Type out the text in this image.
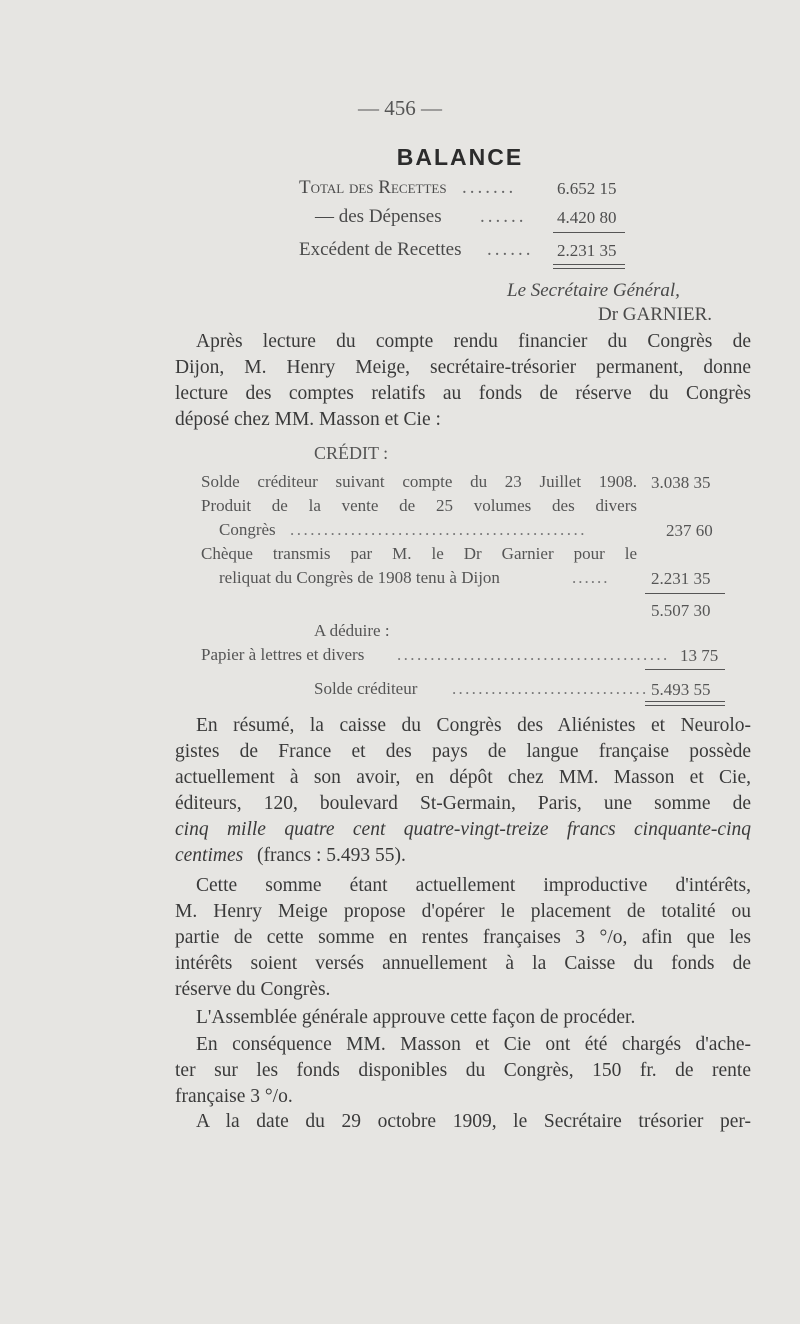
— 456 —
BALANCE
Total des Recettes ....... 6.652 15
— des Dépenses ...... 4.420 80
Excédent de Recettes ...... 2.231 35
Le Secrétaire Général,
Dr GARNIER.
Après lecture du compte rendu financier du Congrès de
Dijon, M. Henry Meige, secrétaire-trésorier permanent, donne
lecture des comptes relatifs au fonds de réserve du Congrès
déposé chez MM. Masson et Cie :
CRÉDIT :
Solde créditeur suivant compte du 23 Juillet 1908. 3.038 35
Produit de la vente de 25 volumes des divers
Congrès ............................................	237 60
Chèque transmis par M. le Dr Garnier pour le
reliquat du Congrès de 1908 tenu à Dijon	...... 2.231 35
5.507 30
A déduire :
Papier à lettres et divers ......................................... 13 75
Solde créditeur .............................. 5.493 55
En résumé, la caisse du Congrès des Aliénistes et Neurolo-
gistes de France et des pays de langue française possède
actuellement à son avoir, en dépôt chez MM. Masson et Cie,
éditeurs, 120, boulevard St-Germain, Paris, une somme de
cinq mille quatre cent quatre-vingt-treize francs cinquante-cinq
centimes (francs : 5.493 55).
Cette somme étant actuellement improductive d'intérêts,
M. Henry Meige propose d'opérer le placement de totalité ou
partie de cette somme en rentes françaises 3 °/o, afin que les
intérêts soient versés annuellement à la Caisse du fonds de
réserve du Congrès.
L'Assemblée générale approuve cette façon de procéder.
En conséquence MM. Masson et Cie ont été chargés d'ache-
ter sur les fonds disponibles du Congrès, 150 fr. de rente
française 3 °/o.
A la date du 29 octobre 1909, le Secrétaire trésorier per-
